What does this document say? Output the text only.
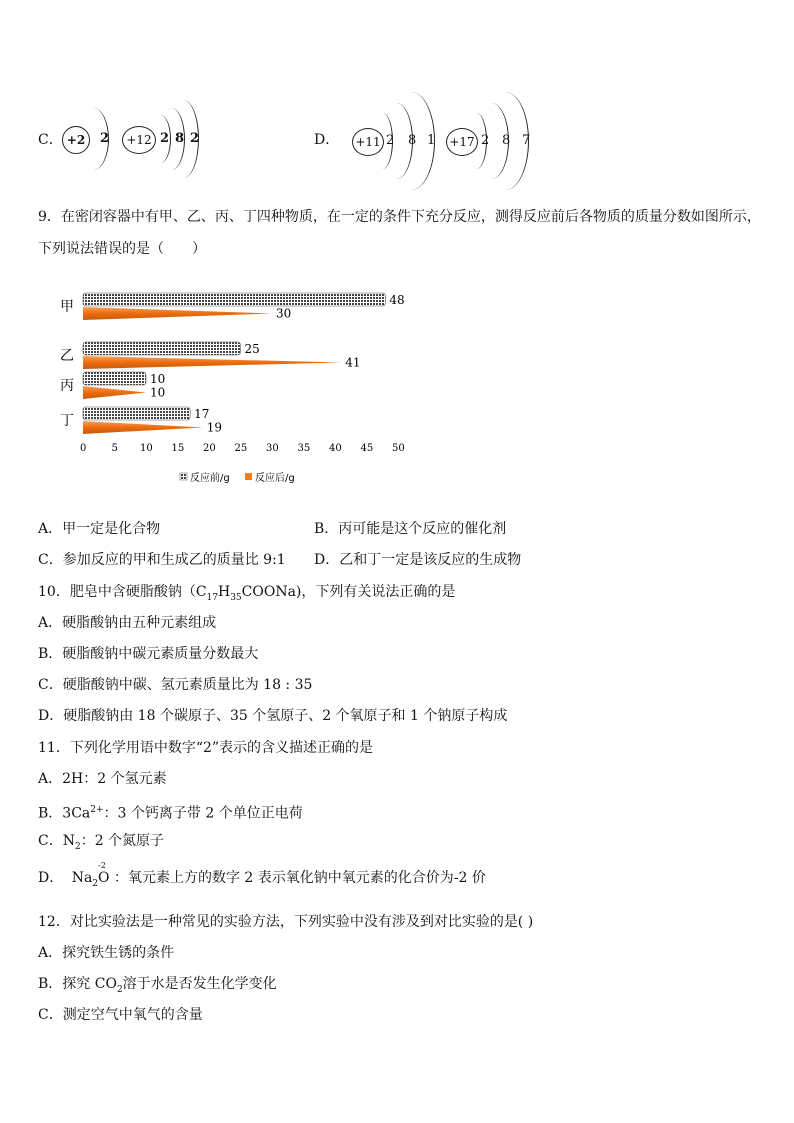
C． +2 2 +12 2 8 2	D． +11 2 8 1 +17 2 8 7
9．在密闭容器中有甲、乙、丙、丁四种物质，在一定的条件下充分反应，测得反应前后各物质的质量分数如图所示，
下列说法错误的是（　　）
甲	48
30
乙	25
41
丙	10
10
丁	17
19
0	5 10 15 20 25 30 35 40 45 50
反应前/g	反应后/g
A．甲一定是化合物	B．丙可能是这个反应的催化剂
C．参加反应的甲和生成乙的质量比 9:1 D．乙和丁一定是该反应的生成物
10．肥皂中含硬脂酸钠$(C_{17}H_{35}COONa)$，下列有关说法正确的是
A．硬脂酸钠由五种元素组成
B．硬脂酸钠中碳元素质量分数最大
C．硬脂酸钠中碳、氢元素质量比为 18 : 35
D．硬脂酸钠由 18 个碳原子、35 个氢原子、2 个氧原子和 1 个钠原子构成
11．下列化学用语中数字“2”表示的含义描述正确的是
A．2H：2 个氢元素
B．$3Ca^{2+}$：3 个钙离子带 2 个单位正电荷
C．$N_2$：2 个氮原子
D． $Na_2$
-2
O ：氧元素上方的数字 2 表示氧化钠中氧元素的化合价为-2 价
12．对比实验法是一种常见的实验方法，下列实验中没有涉及到对比实验的是( )
A．探究铁生锈的条件
B．探究 $CO_2$溶于水是否发生化学变化
C．测定空气中氧气的含量
